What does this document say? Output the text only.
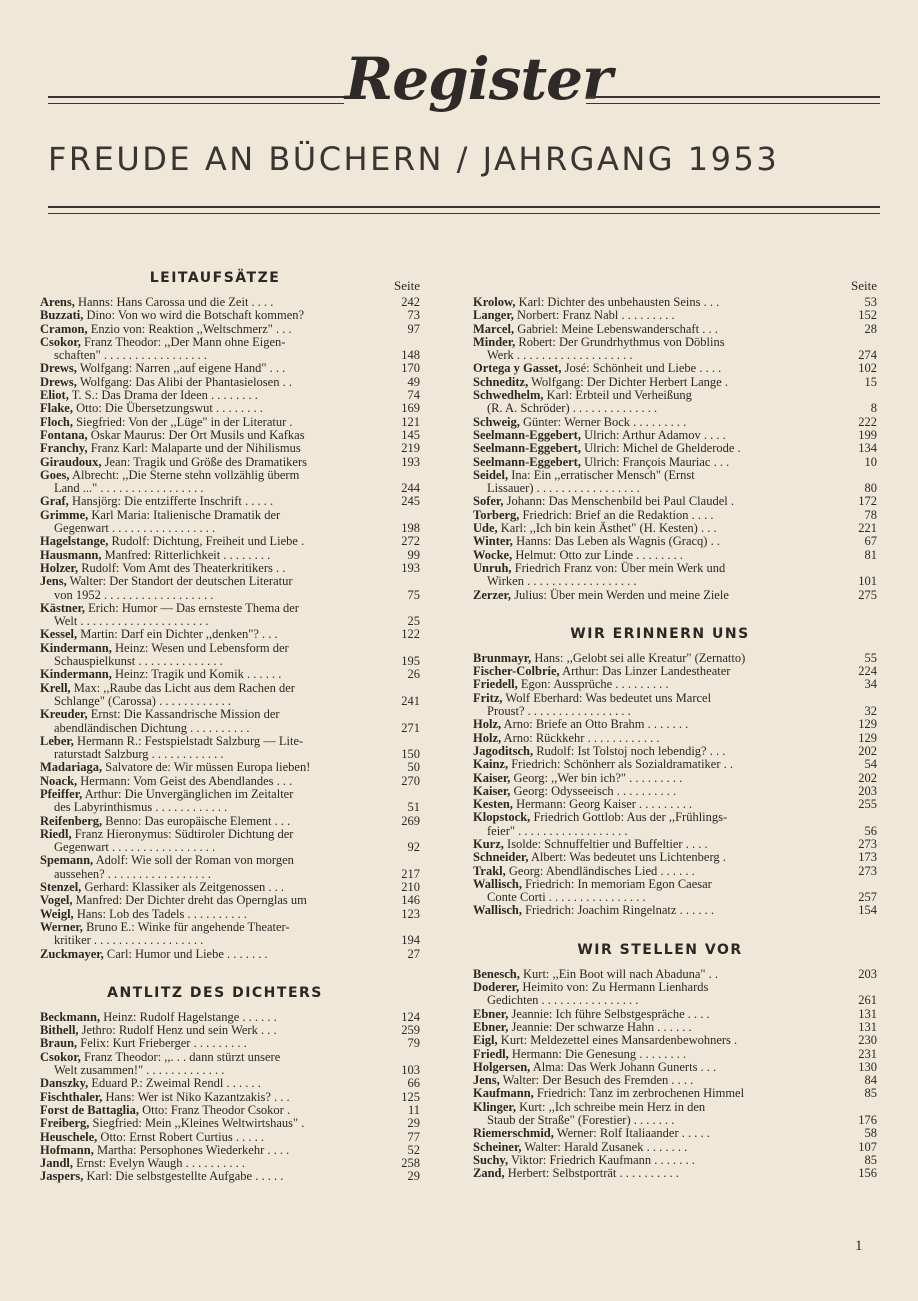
Register
FREUDE AN BÜCHERN / JAHRGANG 1953
LEITAUFSÄTZE	Seite
Arens, Hanns: Hans Carossa und die Zeit . . . .	242
Buzzati, Dino: Von wo wird die Botschaft kommen?	73
Cramon, Enzio von: Reaktion ,,Weltschmerz" . . .	97
Csokor, Franz Theodor: ,,Der Mann ohne Eigen-
schaften" . . . . . . . . . . . . . . . . .	148
Drews, Wolfgang: Narren ,,auf eigene Hand" . . .	170
Drews, Wolfgang: Das Alibi der Phantasielosen . .	49
Eliot, T. S.: Das Drama der Ideen . . . . . . . .	74
Flake, Otto: Die Übersetzungswut . . . . . . . .	169
Floch, Siegfried: Von der ,,Lüge" in der Literatur .	121
Fontana, Oskar Maurus: Der Ort Musils und Kafkas	145
Franchy, Franz Karl: Malaparte und der Nihilismus	219
Giraudoux, Jean: Tragik und Größe des Dramatikers	193
Goes, Albrecht: ,,Die Sterne stehn vollzählig überm
Land ..." . . . . . . . . . . . . . . . . .	244
Graf, Hansjörg: Die entzifferte Inschrift . . . . .	245
Grimme, Karl Maria: Italienische Dramatik der
Gegenwart . . . . . . . . . . . . . . . . .	198
Hagelstange, Rudolf: Dichtung, Freiheit und Liebe .	272
Hausmann, Manfred: Ritterlichkeit . . . . . . . .	99
Holzer, Rudolf: Vom Amt des Theaterkritikers . .	193
Jens, Walter: Der Standort der deutschen Literatur
von 1952 . . . . . . . . . . . . . . . . . .	75
Kästner, Erich: Humor — Das ernsteste Thema der
Welt . . . . . . . . . . . . . . . . . . . . .	25
Kessel, Martin: Darf ein Dichter ,,denken"? . . .	122
Kindermann, Heinz: Wesen und Lebensform der
Schauspielkunst . . . . . . . . . . . . . .	195
Kindermann, Heinz: Tragik und Komik . . . . . .	26
Krell, Max: ,,Raube das Licht aus dem Rachen der
Schlange" (Carossa) . . . . . . . . . . . .	241
Kreuder, Ernst: Die Kassandrische Mission der
abendländischen Dichtung . . . . . . . . . .	271
Leber, Hermann R.: Festspielstadt Salzburg — Lite-
raturstadt Salzburg . . . . . . . . . . . .	150
Madariaga, Salvatore de: Wir müssen Europa lieben!	50
Noack, Hermann: Vom Geist des Abendlandes . . .	270
Pfeiffer, Arthur: Die Unvergänglichen im Zeitalter
des Labyrinthismus . . . . . . . . . . . .	51
Reifenberg, Benno: Das europäische Element . . .	269
Riedl, Franz Hieronymus: Südtiroler Dichtung der
Gegenwart . . . . . . . . . . . . . . . . .	92
Spemann, Adolf: Wie soll der Roman von morgen
aussehen? . . . . . . . . . . . . . . . . .	217
Stenzel, Gerhard: Klassiker als Zeitgenossen . . .	210
Vogel, Manfred: Der Dichter dreht das Opernglas um	146
Weigl, Hans: Lob des Tadels . . . . . . . . . .	123
Werner, Bruno E.: Winke für angehende Theater-
kritiker . . . . . . . . . . . . . . . . . .	194
Zuckmayer, Carl: Humor und Liebe . . . . . . .	27
ANTLITZ DES DICHTERS
Beckmann, Heinz: Rudolf Hagelstange . . . . . .	124
Bithell, Jethro: Rudolf Henz und sein Werk . . .	259
Braun, Felix: Kurt Frieberger . . . . . . . . .	79
Csokor, Franz Theodor: ,,. . . dann stürzt unsere
Welt zusammen!" . . . . . . . . . . . . .	103
Danszky, Eduard P.: Zweimal Rendl . . . . . .	66
Fischthaler, Hans: Wer ist Niko Kazantzakis? . . .	125
Forst de Battaglia, Otto: Franz Theodor Csokor .	11
Freiberg, Siegfried: Mein ,,Kleines Weltwirtshaus" .	29
Heuschele, Otto: Ernst Robert Curtius . . . . .	77
Hofmann, Martha: Persophones Wiederkehr . . . .	52
Jandl, Ernst: Evelyn Waugh . . . . . . . . . .	258
Jaspers, Karl: Die selbstgestellte Aufgabe . . . . .	29
Seite
Krolow, Karl: Dichter des unbehausten Seins . . .	53
Langer, Norbert: Franz Nabl . . . . . . . . .	152
Marcel, Gabriel: Meine Lebenswanderschaft . . .	28
Minder, Robert: Der Grundrhythmus von Döblins
Werk . . . . . . . . . . . . . . . . . . .	274
Ortega y Gasset, José: Schönheit und Liebe . . . .	102
Schneditz, Wolfgang: Der Dichter Herbert Lange .	15
Schwedhelm, Karl: Erbteil und Verheißung
(R. A. Schröder) . . . . . . . . . . . . . .	8
Schweig, Günter: Werner Bock . . . . . . . . .	222
Seelmann-Eggebert, Ulrich: Arthur Adamov . . . .	199
Seelmann-Eggebert, Ulrich: Michel de Ghelderode .	134
Seelmann-Eggebert, Ulrich: François Mauriac . . .	10
Seidel, Ina: Ein ,,erratischer Mensch" (Ernst
Lissauer) . . . . . . . . . . . . . . . . .	80
Sofer, Johann: Das Menschenbild bei Paul Claudel .	172
Torberg, Friedrich: Brief an die Redaktion . . . .	78
Ude, Karl: ,,Ich bin kein Ästhet" (H. Kesten) . . .	221
Winter, Hanns: Das Leben als Wagnis (Gracq) . .	67
Wocke, Helmut: Otto zur Linde . . . . . . . .	81
Unruh, Friedrich Franz von: Über mein Werk und
Wirken . . . . . . . . . . . . . . . . . .	101
Zerzer, Julius: Über mein Werden und meine Ziele	275
WIR ERINNERN UNS
Brunmayr, Hans: ,,Gelobt sei alle Kreatur" (Zernatto)	55
Fischer-Colbrie, Arthur: Das Linzer Landestheater	224
Friedell, Egon: Aussprüche . . . . . . . . .	34
Fritz, Wolf Eberhard: Was bedeutet uns Marcel
Proust? . . . . . . . . . . . . . . . . .	32
Holz, Arno: Briefe an Otto Brahm . . . . . . .	129
Holz, Arno: Rückkehr . . . . . . . . . . . .	129
Jagoditsch, Rudolf: Ist Tolstoj noch lebendig? . . .	202
Kainz, Friedrich: Schönherr als Sozialdramatiker . .	54
Kaiser, Georg: ,,Wer bin ich?" . . . . . . . . .	202
Kaiser, Georg: Odysseeisch . . . . . . . . . .	203
Kesten, Hermann: Georg Kaiser . . . . . . . . .	255
Klopstock, Friedrich Gottlob: Aus der ,,Frühlings-
feier" . . . . . . . . . . . . . . . . . .	56
Kurz, Isolde: Schnuffeltier und Buffeltier . . . .	273
Schneider, Albert: Was bedeutet uns Lichtenberg .	173
Trakl, Georg: Abendländisches Lied . . . . . .	273
Wallisch, Friedrich: In memoriam Egon Caesar
Conte Corti . . . . . . . . . . . . . . . .	257
Wallisch, Friedrich: Joachim Ringelnatz . . . . . .	154
WIR STELLEN VOR
Benesch, Kurt: ,,Ein Boot will nach Abaduna" . .	203
Doderer, Heimito von: Zu Hermann Lienhards
Gedichten . . . . . . . . . . . . . . . .	261
Ebner, Jeannie: Ich führe Selbstgespräche . . . .	131
Ebner, Jeannie: Der schwarze Hahn . . . . . .	131
Eigl, Kurt: Meldezettel eines Mansardenbewohners .	230
Friedl, Hermann: Die Genesung . . . . . . . .	231
Holgersen, Alma: Das Werk Johann Gunerts . . .	130
Jens, Walter: Der Besuch des Fremden . . . .	84
Kaufmann, Friedrich: Tanz im zerbrochenen Himmel	85
Klinger, Kurt: ,,Ich schreibe mein Herz in den
Staub der Straße" (Forestier) . . . . . . .	176
Riemerschmid, Werner: Rolf Italiaander . . . . .	58
Scheiner, Walter: Harald Zusanek . . . . . . .	107
Suchy, Viktor: Friedrich Kaufmann . . . . . . .	85
Zand, Herbert: Selbstporträt . . . . . . . . . .	156
1
